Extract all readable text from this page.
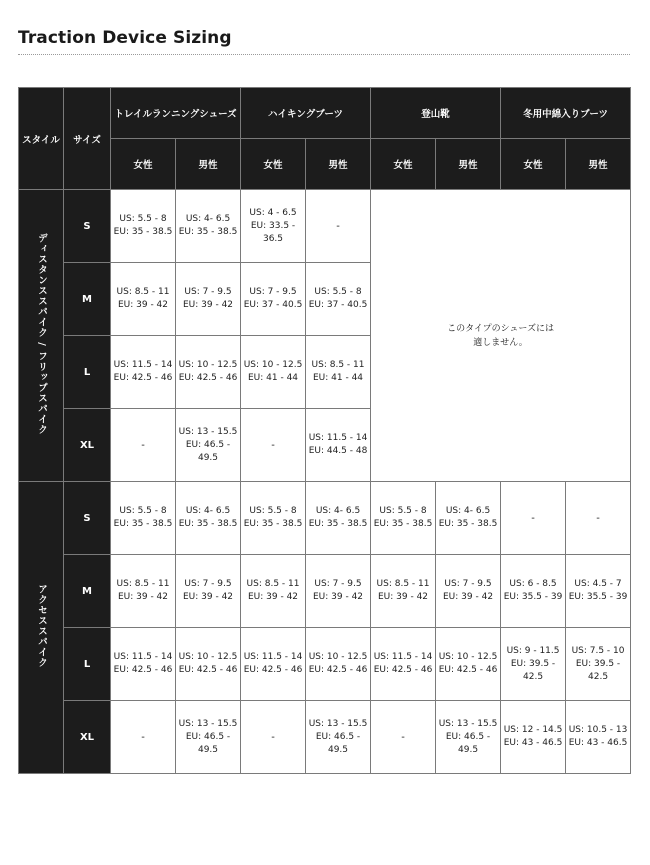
Traction Device Sizing
スタイル	サイズ	トレイルランニングシューズ		ハイキングブーツ		登山靴		冬用中綿入りブーツ	
		女性	男性	女性	男性	女性	男性	女性	男性
ディスタンススパイク / フリップスパイク	S	US: 5.5 - 8
EU: 35 - 38.5	US: 4- 6.5
EU: 35 - 38.5	US: 4 - 6.5
EU: 33.5 - 36.5	-	このタイプのシューズには
適しません。			
	M	US: 8.5 - 11
EU: 39 - 42	US: 7 - 9.5
EU: 39 - 42	US: 7 - 9.5
EU: 37 - 40.5	US: 5.5 - 8
EU: 37 - 40.5				

	L	US: 11.5 - 14
EU: 42.5 - 46	US: 10 - 12.5
EU: 42.5 - 46	US: 10 - 12.5
EU: 41 - 44	US: 8.5 - 11
EU: 41 - 44				

	XL	-	US: 13 - 15.5
EU: 46.5 - 49.5	-	US: 11.5 - 14
EU: 44.5 - 48				

アクセススパイク	S	US: 5.5 - 8
EU: 35 - 38.5	US: 4- 6.5
EU: 35 - 38.5	US: 5.5 - 8
EU: 35 - 38.5	US: 4- 6.5
EU: 35 - 38.5	US: 5.5 - 8
EU: 35 - 38.5	US: 4- 6.5
EU: 35 - 38.5	-	-
	M	US: 8.5 - 11
EU: 39 - 42	US: 7 - 9.5
EU: 39 - 42	US: 8.5 - 11
EU: 39 - 42	US: 7 - 9.5
EU: 39 - 42	US: 8.5 - 11
EU: 39 - 42	US: 7 - 9.5
EU: 39 - 42	US: 6 - 8.5
EU: 35.5 - 39	US: 4.5 - 7
EU: 35.5 - 39

	L	US: 11.5 - 14
EU: 42.5 - 46	US: 10 - 12.5
EU: 42.5 - 46	US: 11.5 - 14
EU: 42.5 - 46	US: 10 - 12.5
EU: 42.5 - 46	US: 11.5 - 14
EU: 42.5 - 46	US: 10 - 12.5
EU: 42.5 - 46	US: 9 - 11.5
EU: 39.5 - 42.5	US: 7.5 - 10
EU: 39.5 - 42.5

	XL	-	US: 13 - 15.5
EU: 46.5 - 49.5	-	US: 13 - 15.5
EU: 46.5 - 49.5	-	US: 13 - 15.5
EU: 46.5 - 49.5	US: 12 - 14.5
EU: 43 - 46.5	US: 10.5 - 13
EU: 43 - 46.5
